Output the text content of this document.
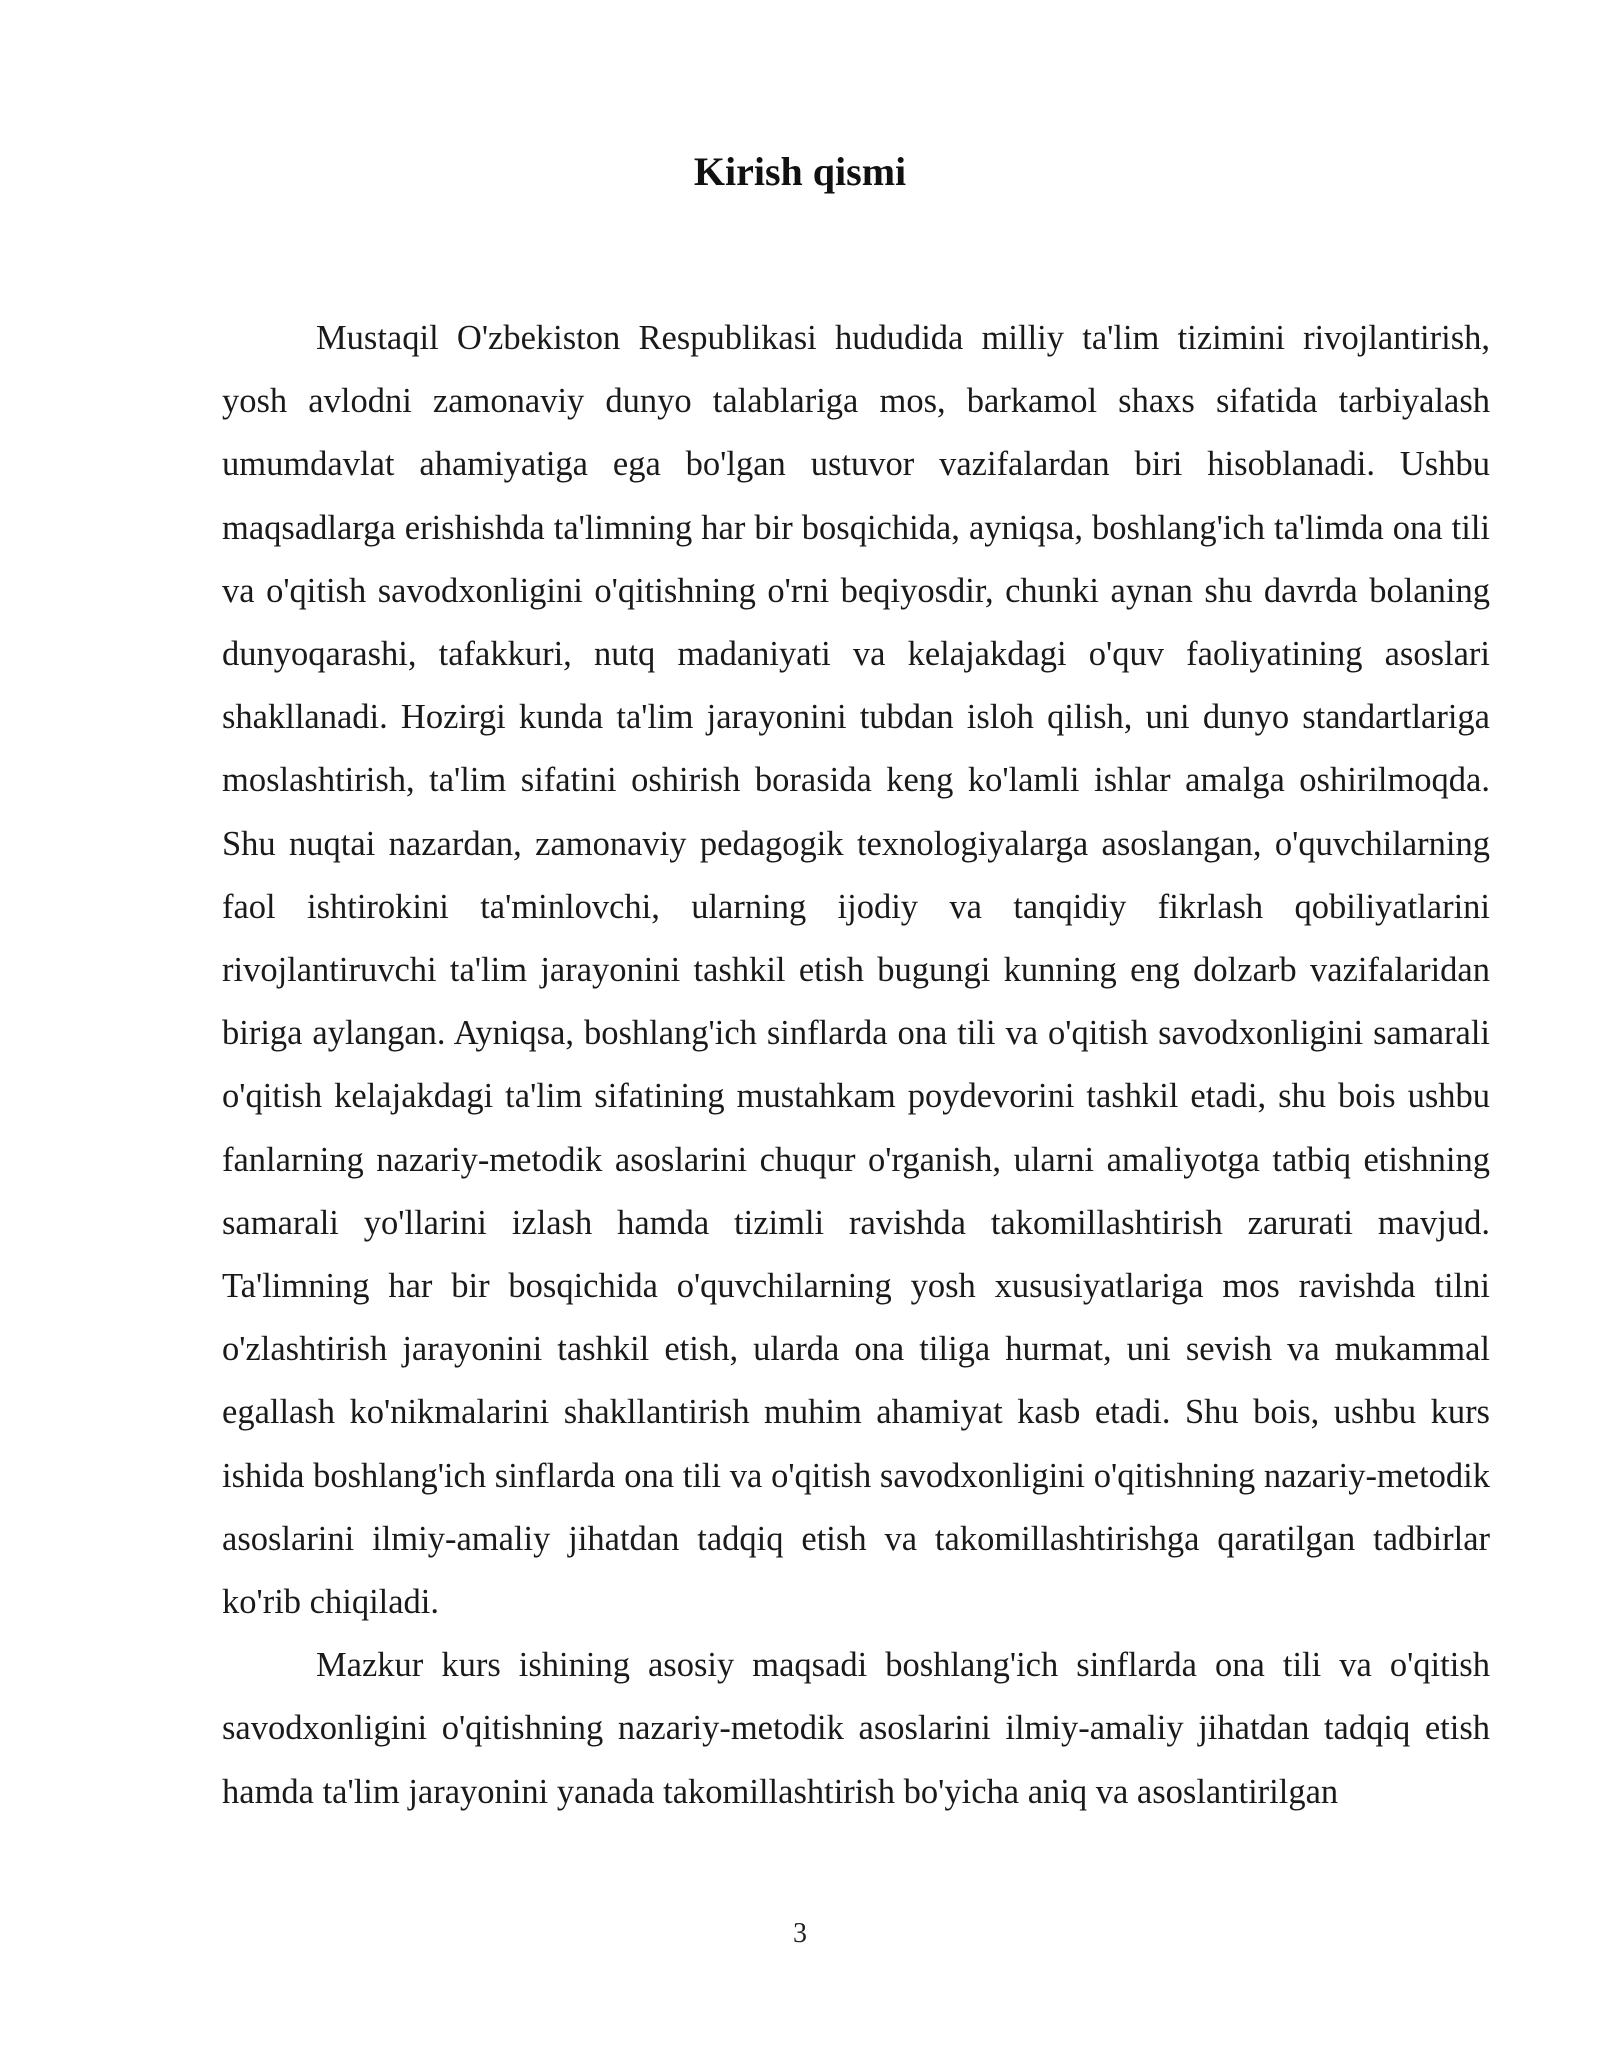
Kirish qismi

Mustaqil O'zbekiston Respublikasi hududida milliy ta'lim tizimini rivojlantirish, yosh avlodni zamonaviy dunyo talablariga mos, barkamol shaxs sifatida tarbiyalash umumdavlat ahamiyatiga ega bo'lgan ustuvor vazifalardan biri hisoblanadi. Ushbu maqsadlarga erishishda ta'limning har bir bosqichida, ayniqsa, boshlang'ich ta'limda ona tili va o'qitish savodxonligini o'qitishning o'rni beqiyosdir, chunki aynan shu davrda bolaning dunyoqarashi, tafakkuri, nutq madaniyati va kelajakdagi o'quv faoliyatining asoslari shakllanadi. Hozirgi kunda ta'lim jarayonini tubdan isloh qilish, uni dunyo standartlariga moslashtirish, ta'lim sifatini oshirish borasida keng ko'lamli ishlar amalga oshirilmoqda. Shu nuqtai nazardan, zamonaviy pedagogik texnologiyalarga asoslangan, o'quvchilarning faol ishtirokini ta'minlovchi, ularning ijodiy va tanqidiy fikrlash qobiliyatlarini rivojlantiruvchi ta'lim jarayonini tashkil etish bugungi kunning eng dolzarb vazifalaridan biriga aylangan. Ayniqsa, boshlang'ich sinflarda ona tili va o'qitish savodxonligini samarali o'qitish kelajakdagi ta'lim sifatining mustahkam poydevorini tashkil etadi, shu bois ushbu fanlarning nazariy-metodik asoslarini chuqur o'rganish, ularni amaliyotga tatbiq etishning samarali yo'llarini izlash hamda tizimli ravishda takomillashtirish zarurati mavjud. Ta'limning har bir bosqichida o'quvchilarning yosh xususiyatlariga mos ravishda tilni o'zlashtirish jarayonini tashkil etish, ularda ona tiliga hurmat, uni sevish va mukammal egallash ko'nikmalarini shakllantirish muhim ahamiyat kasb etadi. Shu bois, ushbu kurs ishida boshlang'ich sinflarda ona tili va o'qitish savodxonligini o'qitishning nazariy-metodik asoslarini ilmiy-amaliy jihatdan tadqiq etish va takomillashtirishga qaratilgan tadbirlar ko'rib chiqiladi.

Mazkur kurs ishining asosiy maqsadi boshlang'ich sinflarda ona tili va o'qitish savodxonligini o'qitishning nazariy-metodik asoslarini ilmiy-amaliy jihatdan tadqiq etish hamda ta'lim jarayonini yanada takomillashtirish bo'yicha aniq va asoslantirilgan

3
